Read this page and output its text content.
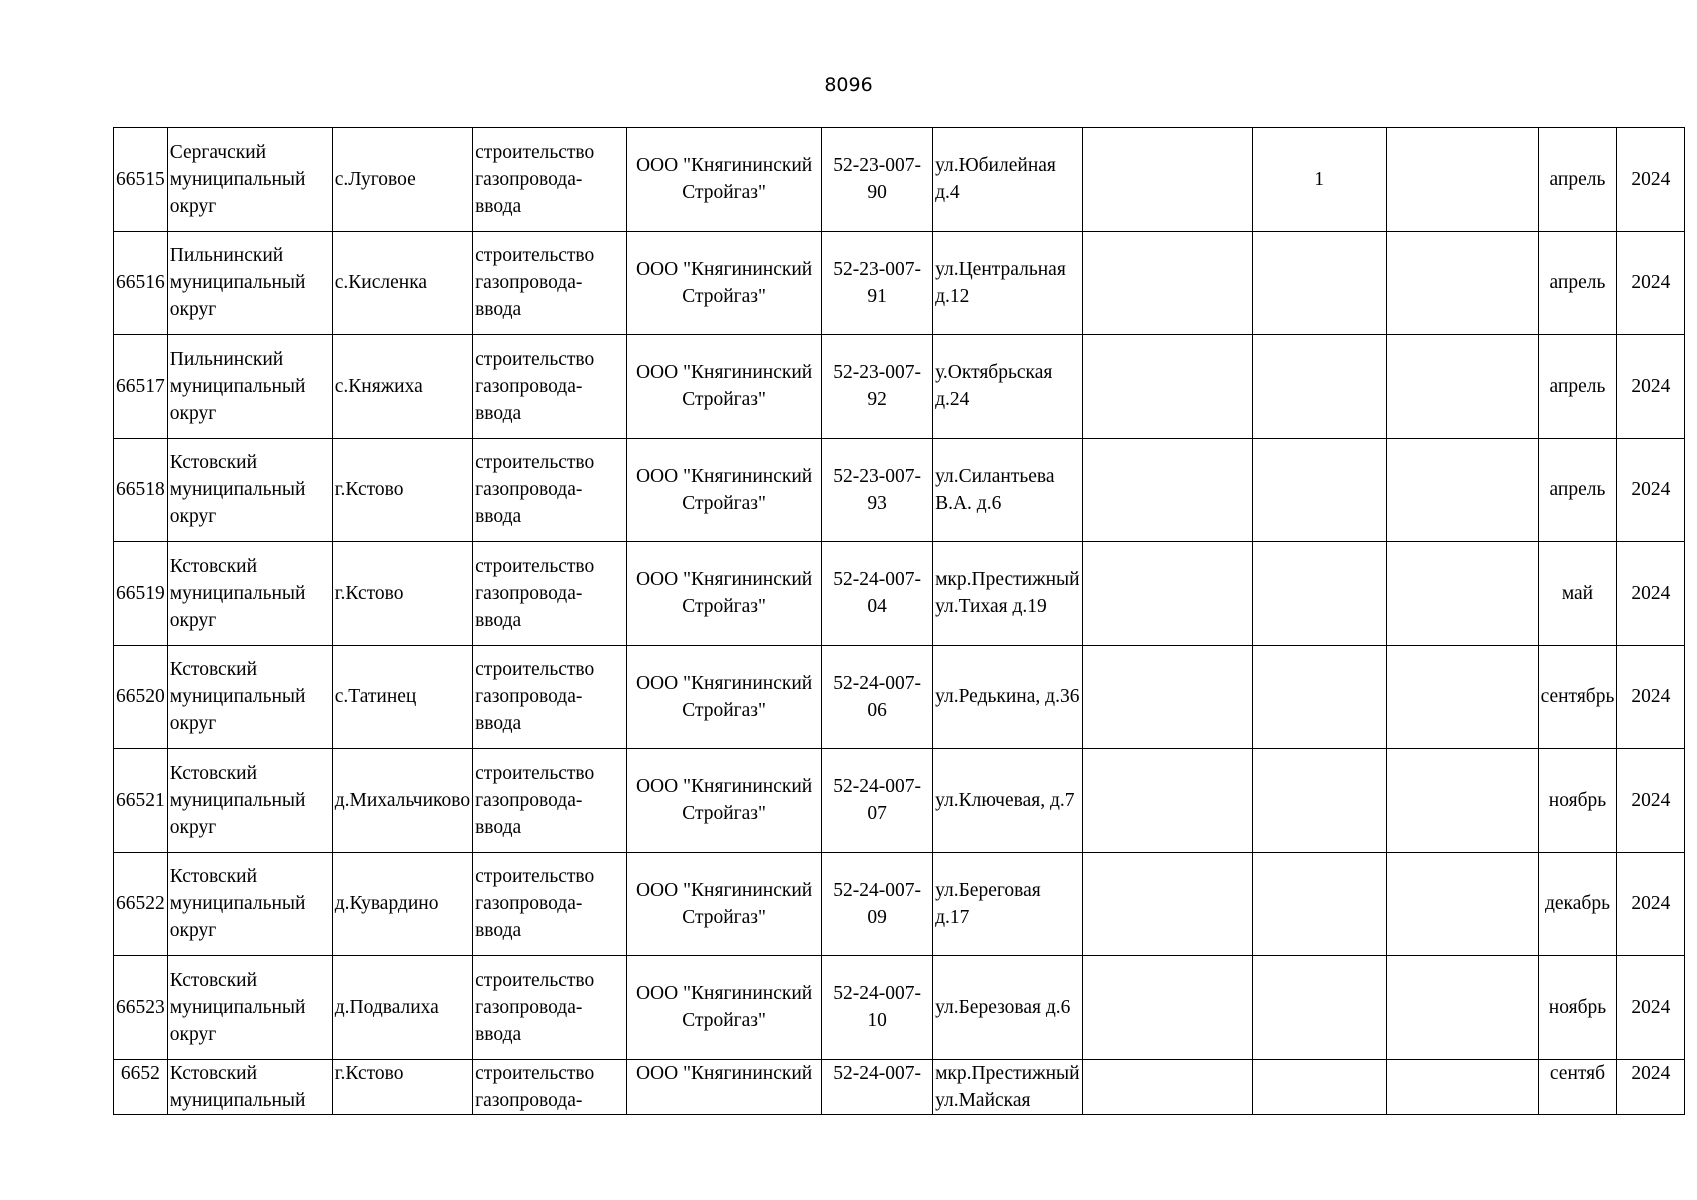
8096
66515	Сергачский муниципальный округ	с.Луговое	строительство газопровода-ввода	ООО "Княгининский Стройгаз"	52-23-007-90	ул.Юбилейная д.4		1		апрель	2024
66516	Пильнинский муниципальный округ	с.Кисленка	строительство газопровода-ввода	ООО "Княгининский Стройгаз"	52-23-007-91	ул.Центральная д.12				апрель	2024
66517	Пильнинский муниципальный округ	с.Княжиха	строительство газопровода-ввода	ООО "Княгининский Стройгаз"	52-23-007-92	у.Октябрьская д.24				апрель	2024
66518	Кстовский муниципальный округ	г.Кстово	строительство газопровода-ввода	ООО "Княгининский Стройгаз"	52-23-007-93	ул.Силантьева В.А. д.6				апрель	2024
66519	Кстовский муниципальный округ	г.Кстово	строительство газопровода-ввода	ООО "Княгининский Стройгаз"	52-24-007-04	мкр.Престижный ул.Тихая д.19				май	2024
66520	Кстовский муниципальный округ	с.Татинец	строительство газопровода-ввода	ООО "Княгининский Стройгаз"	52-24-007-06	ул.Редькина, д.36				сентябрь	2024
66521	Кстовский муниципальный округ	д.Михальчиково	строительство газопровода-ввода	ООО "Княгининский Стройгаз"	52-24-007-07	ул.Ключевая, д.7				ноябрь	2024
66522	Кстовский муниципальный округ	д.Кувардино	строительство газопровода-ввода	ООО "Княгининский Стройгаз"	52-24-007-09	ул.Береговая д.17				декабрь	2024
66523	Кстовский муниципальный округ	д.Подвалиха	строительство газопровода-ввода	ООО "Княгининский Стройгаз"	52-24-007-10	ул.Березовая д.6				ноябрь	2024
6652	Кстовский муниципальный	г.Кстово	строительство газопровода-	ООО "Княгининский	52-24-007-	мкр.Престижный ул.Майская				сентяб	2024
